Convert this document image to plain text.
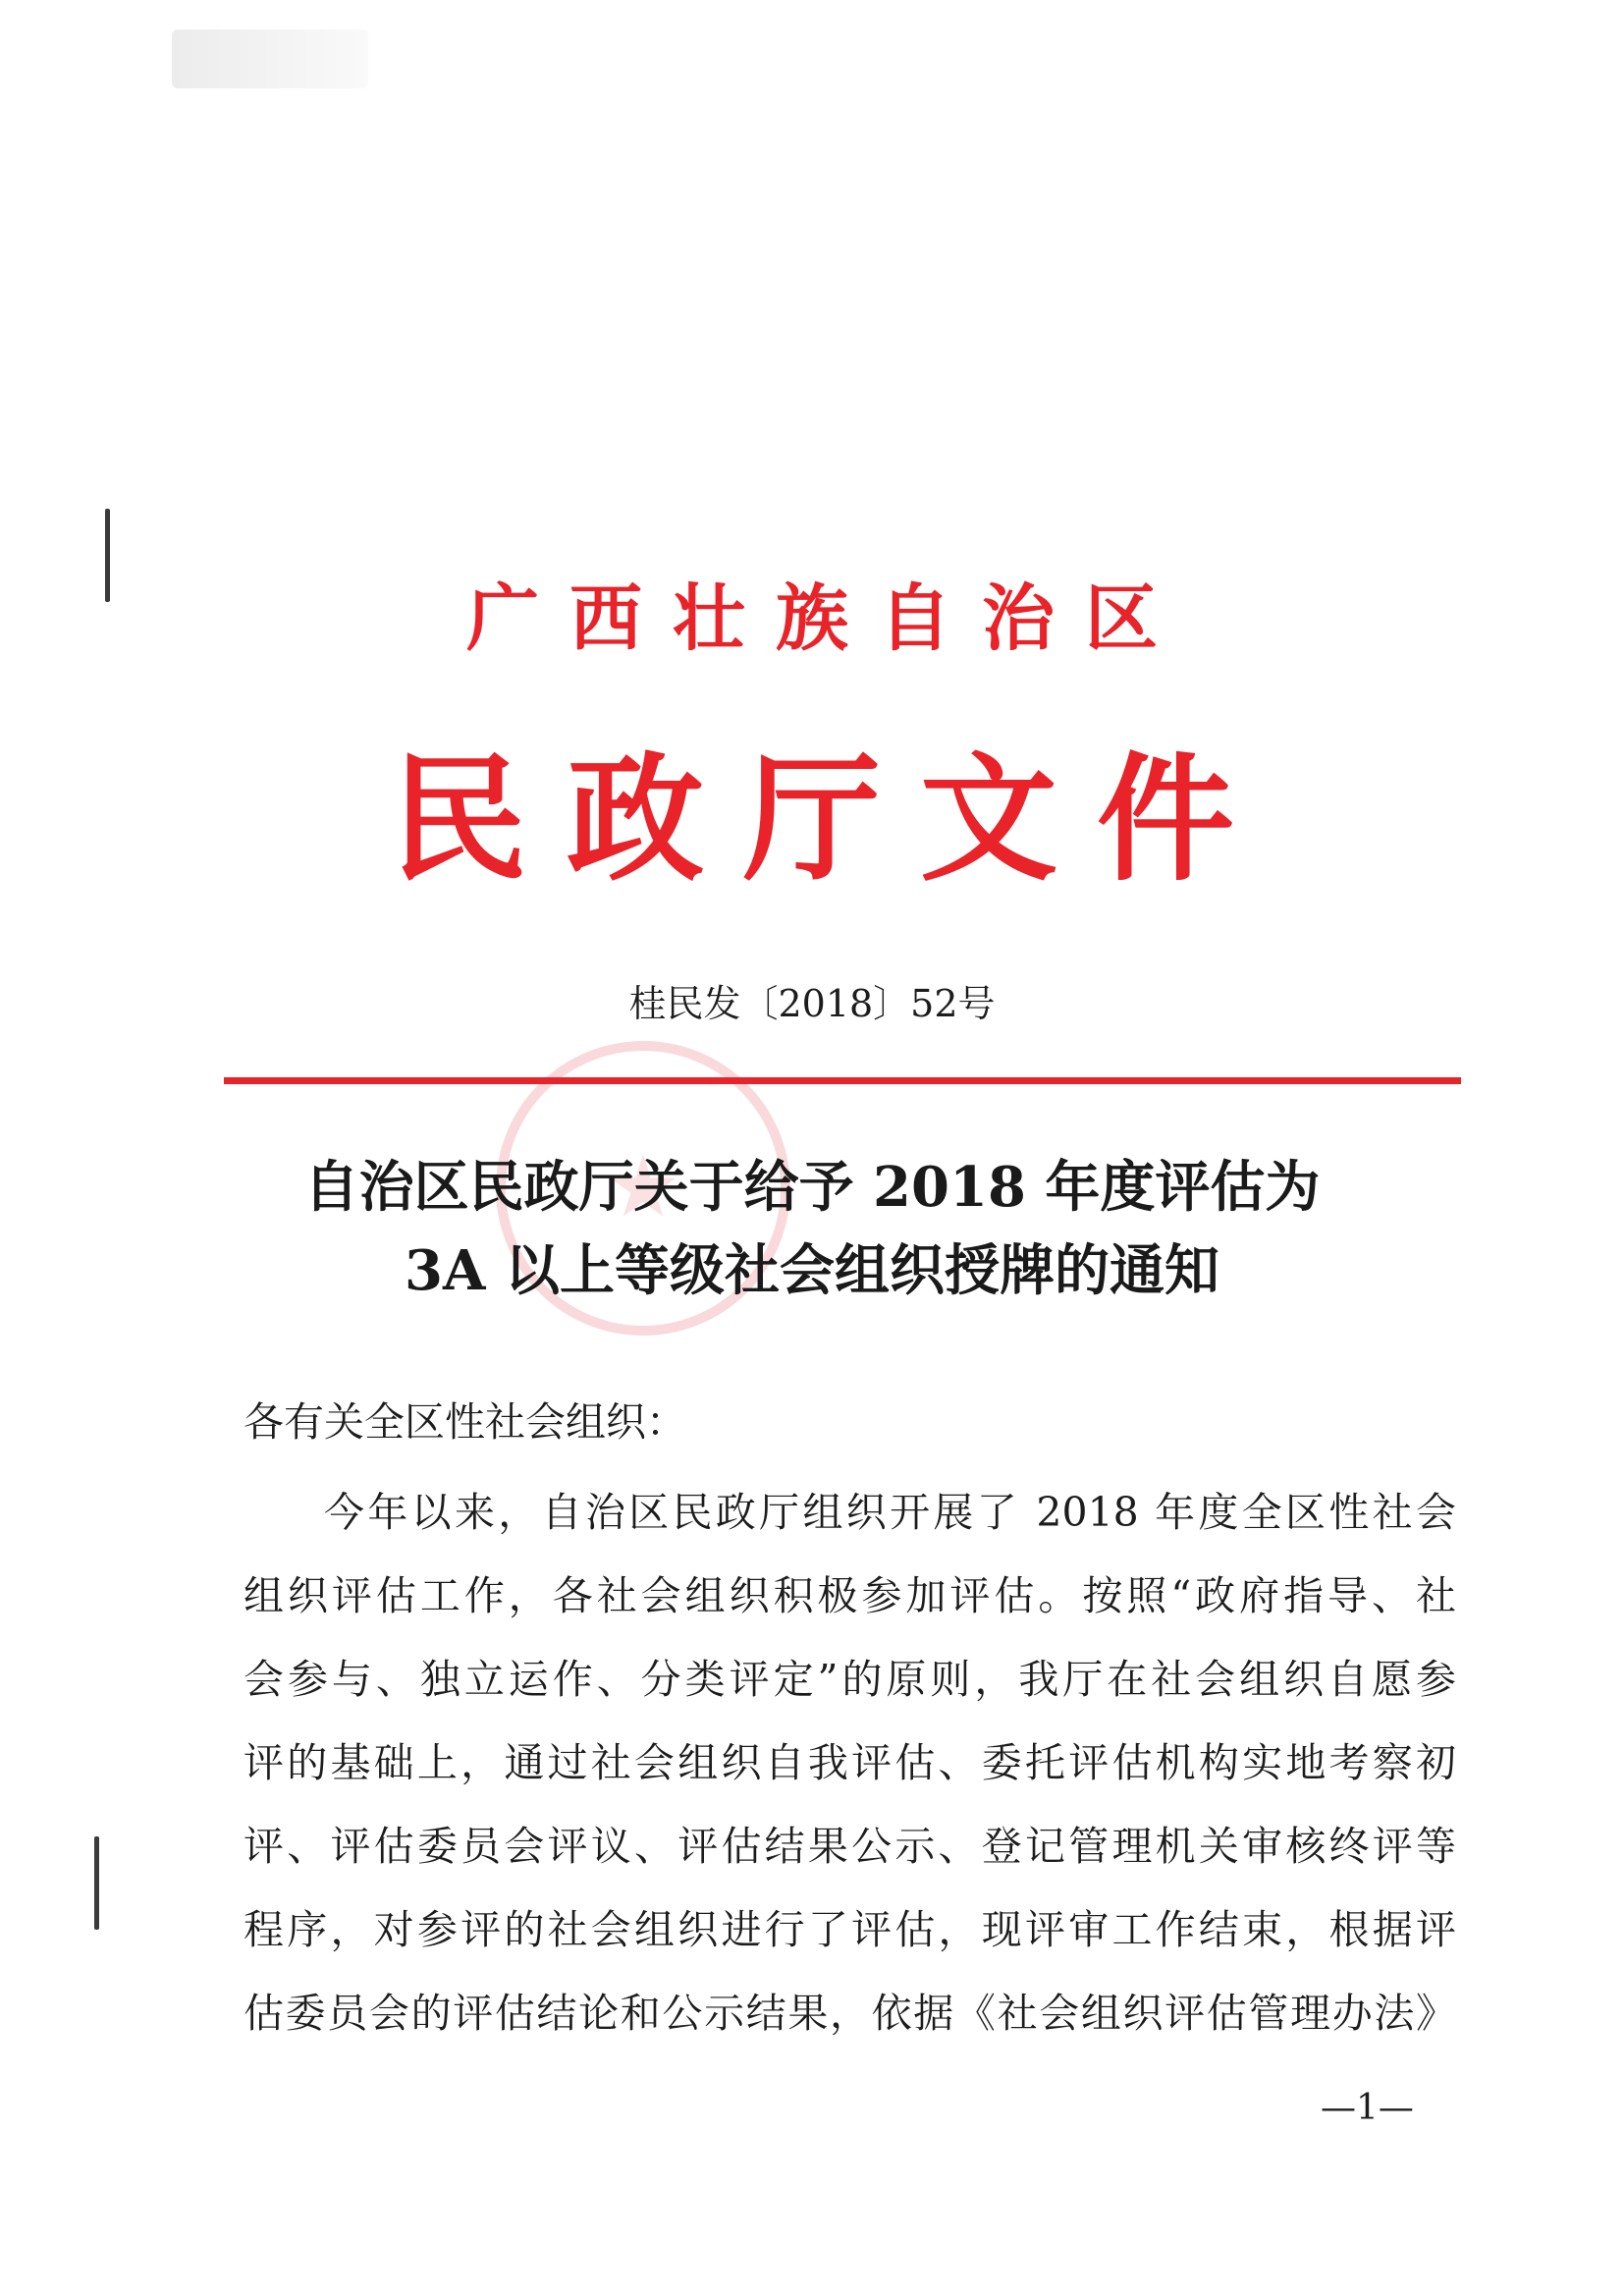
广 西 壮 族 自 治 区
民 政 厅 文 件
桂民发〔2018〕52号
自治区民政厅关于给予 2018 年度评估为
3A 以上等级社会组织授牌的通知
各有关全区性社会组织：
今年以来，自治区民政厅组织开展了 2018 年度全区性社会
组织评估工作，各社会组织积极参加评估。按照“政府指导、社
会参与、独立运作、分类评定”的原则，我厅在社会组织自愿参
评的基础上，通过社会组织自我评估、委托评估机构实地考察初
评、评估委员会评议、评估结果公示、登记管理机关审核终评等
程序，对参评的社会组织进行了评估，现评审工作结束，根据评
估委员会的评估结论和公示结果，依据《社会组织评估管理办法》
—1—
